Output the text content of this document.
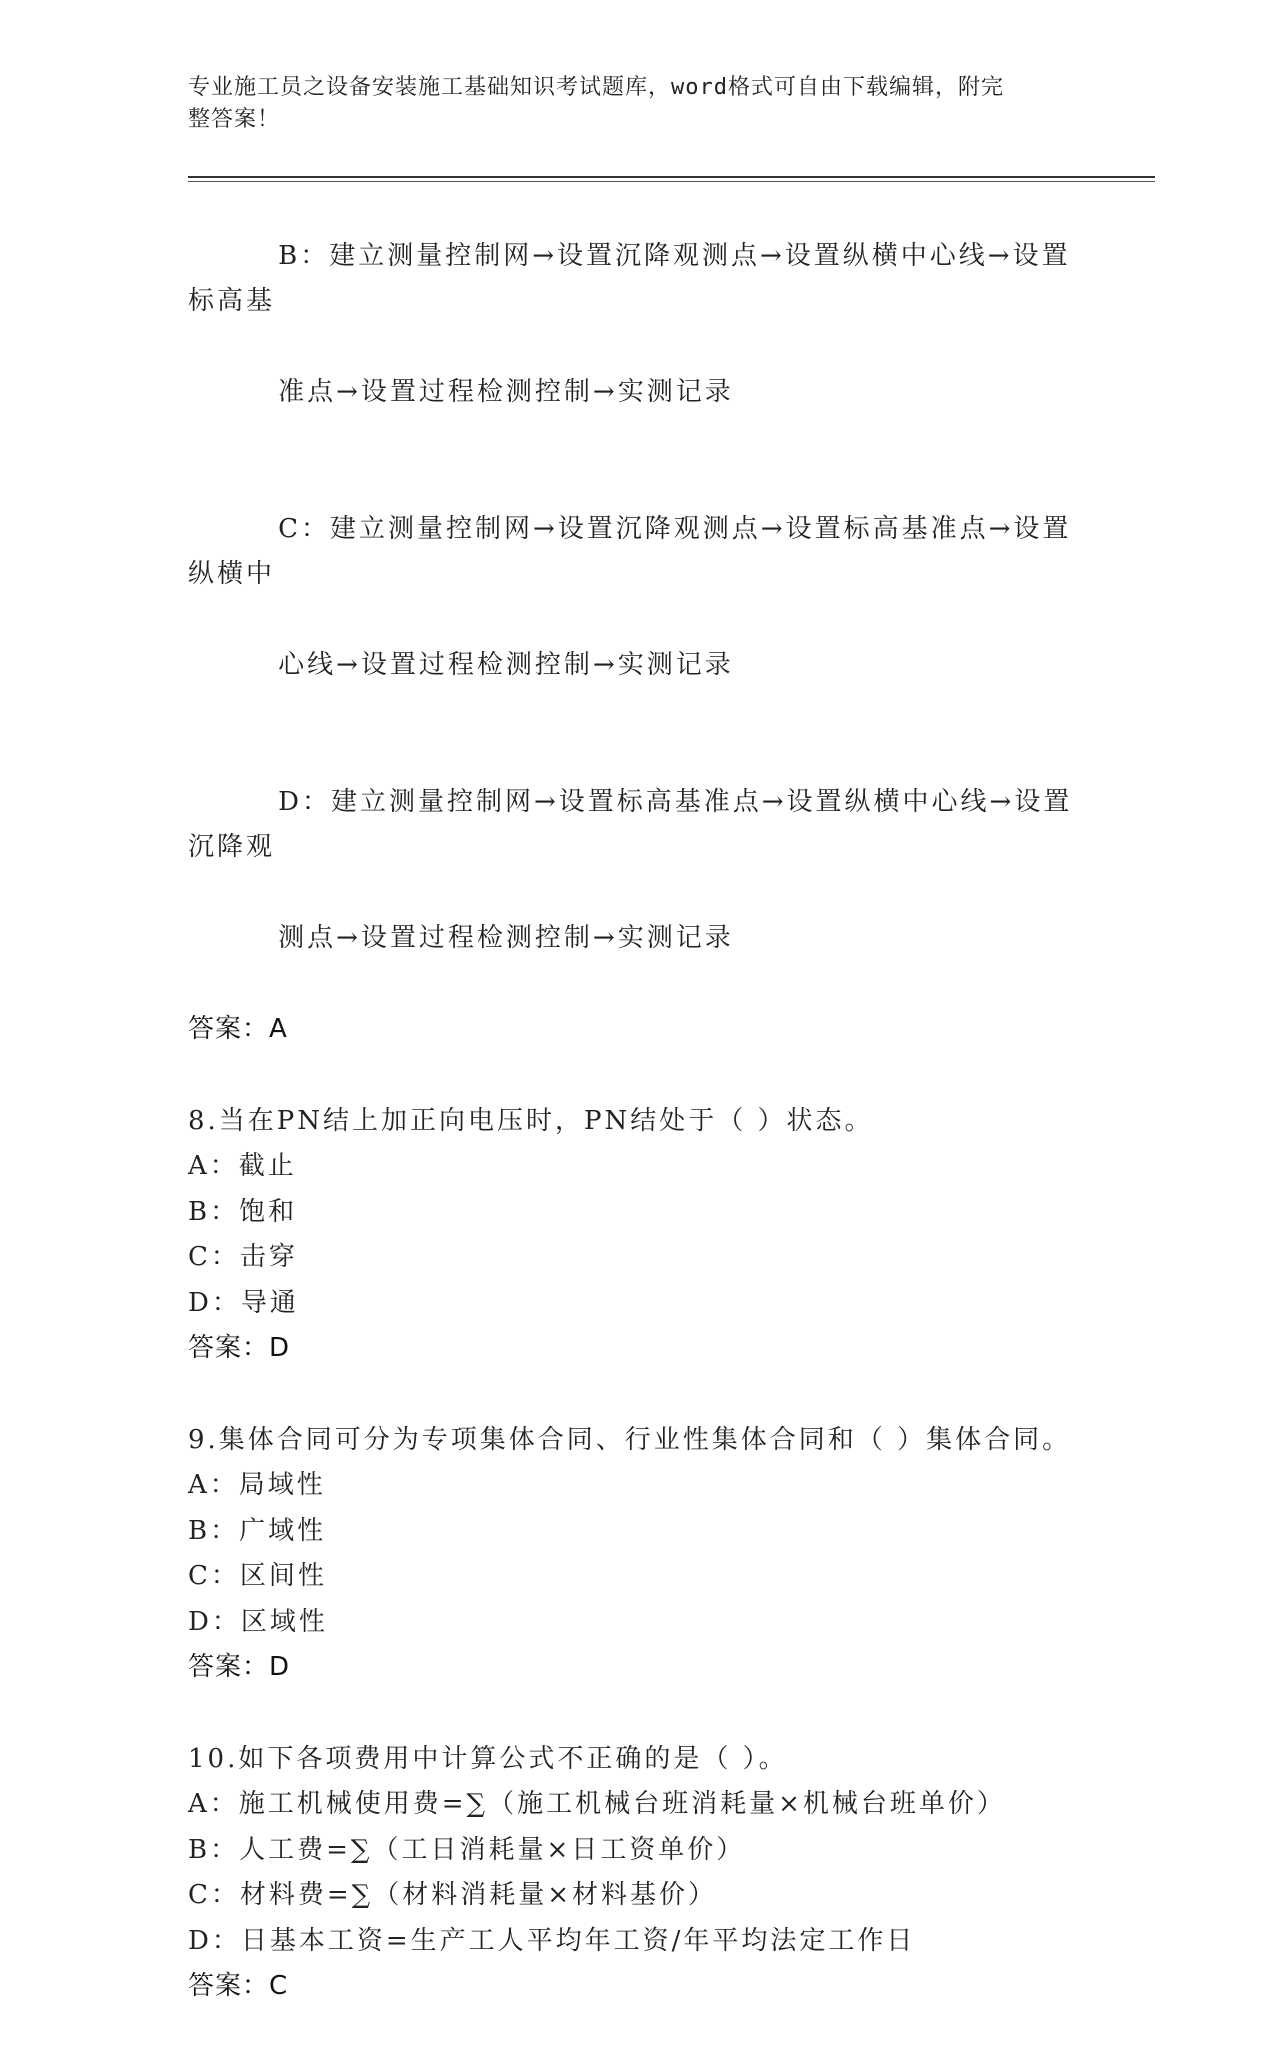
专业施工员之设备安装施工基础知识考试题库，word格式可自由下载编辑，附完
整答案！

B：建立测量控制网→设置沉降观测点→设置纵横中心线→设置标高基

准点→设置过程检测控制→实测记录

C：建立测量控制网→设置沉降观测点→设置标高基准点→设置纵横中

心线→设置过程检测控制→实测记录

D：建立测量控制网→设置标高基准点→设置纵横中心线→设置沉降观

测点→设置过程检测控制→实测记录

答案：A
8.当在PN结上加正向电压时，PN结处于（ ）状态。
A：截止
B：饱和
C：击穿
D：导通
答案：D
9.集体合同可分为专项集体合同、行业性集体合同和（ ）集体合同。
A：局域性
B：广域性
C：区间性
D：区域性
答案：D
10.如下各项费用中计算公式不正确的是（ ）。
A：施工机械使用费=∑（施工机械台班消耗量×机械台班单价）
B：人工费=∑（工日消耗量×日工资单价）
C：材料费=∑（材料消耗量×材料基价）
D：日基本工资=生产工人平均年工资/年平均法定工作日
答案：C
